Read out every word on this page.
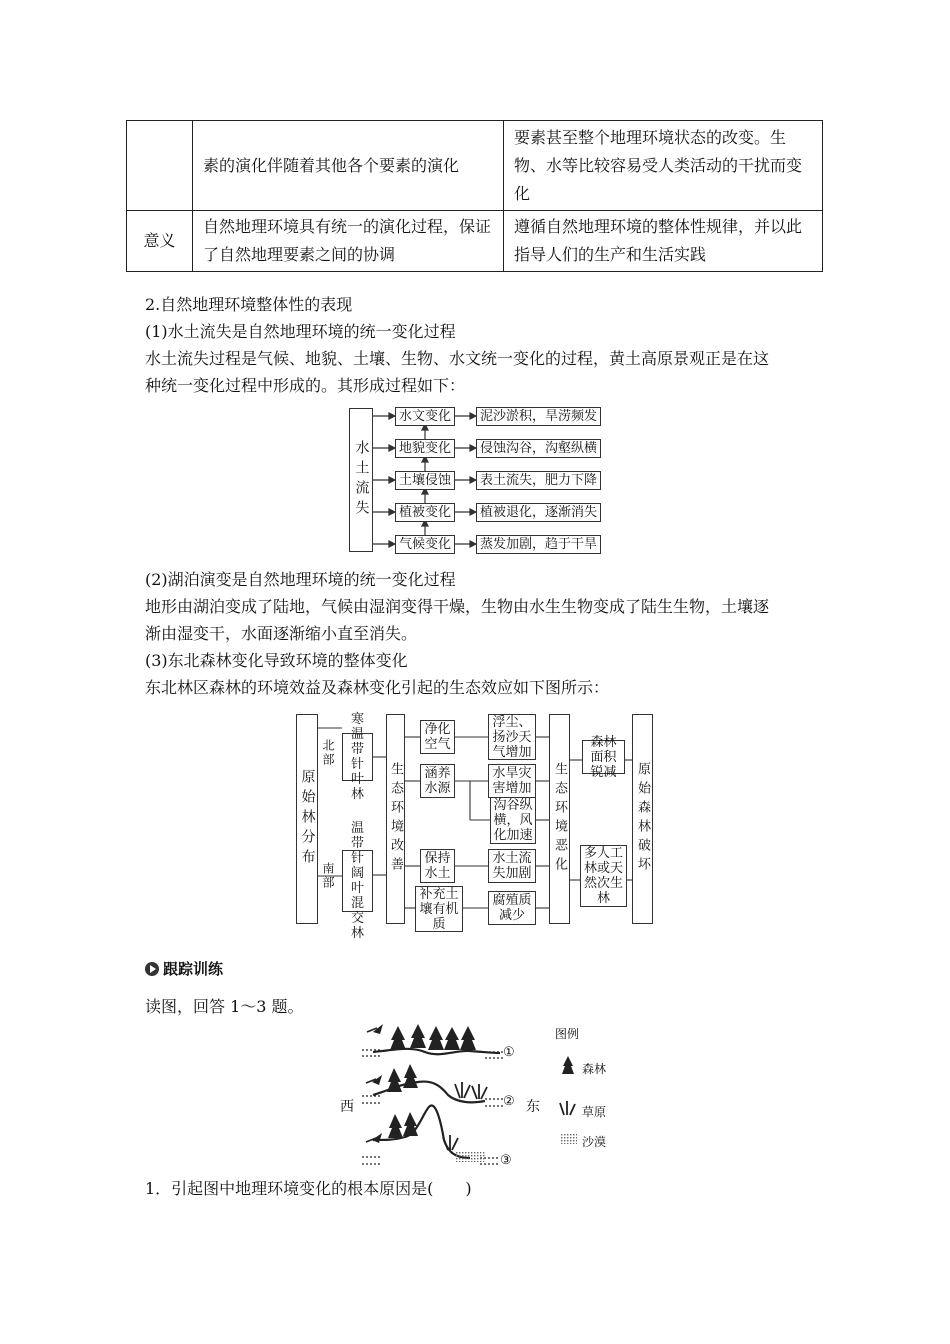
	素的演化伴随着其他各个要素的演化	要素甚至整个地理环境状态的改变。生物、水等比较容易受人类活动的干扰而变化
意义	自然地理环境具有统一的演化过程，保证了自然地理要素之间的协调	遵循自然地理环境的整体性规律，并以此指导人们的生产和生活实践
2.自然地理环境整体性的表现
(1)水土流失是自然地理环境的统一变化过程
水土流失过程是气候、地貌、土壤、生物、水文统一变化的过程，黄土高原景观正是在这
种统一变化过程中形成的。其形成过程如下：
水土流失
水文变化
地貌变化
土壤侵蚀
植被变化
气候变化
泥沙淤积，旱涝频发
侵蚀沟谷，沟壑纵横
表土流失，肥力下降
植被退化，逐渐消失
蒸发加剧，趋于干旱
(2)湖泊演变是自然地理环境的统一变化过程
地形由湖泊变成了陆地，气候由湿润变得干燥，生物由水生生物变成了陆生生物，土壤逐
渐由湿变干，水面逐渐缩小直至消失。
(3)东北森林变化导致环境的整体变化
东北林区森林的环境效益及森林变化引起的生态效应如下图所示：
原始林分布
北部
南部
寒温带针叶林
温带针阔叶混交林
生态环境改善
净化空气
涵养水源
保持水土
补充土壤有机质
浮尘、扬沙天气增加
水旱灾害增加
沟谷纵横，风化加速
水土流失加剧
腐殖质减少
生态环境恶化
森林面积锐减
多人工林或天然次生林
原始森林破坏
跟踪训练
读图，回答 1～3 题。
①
②
③
西	东
图例
森林
草原
沙漠
1．引起图中地理环境变化的根本原因是(　　)
